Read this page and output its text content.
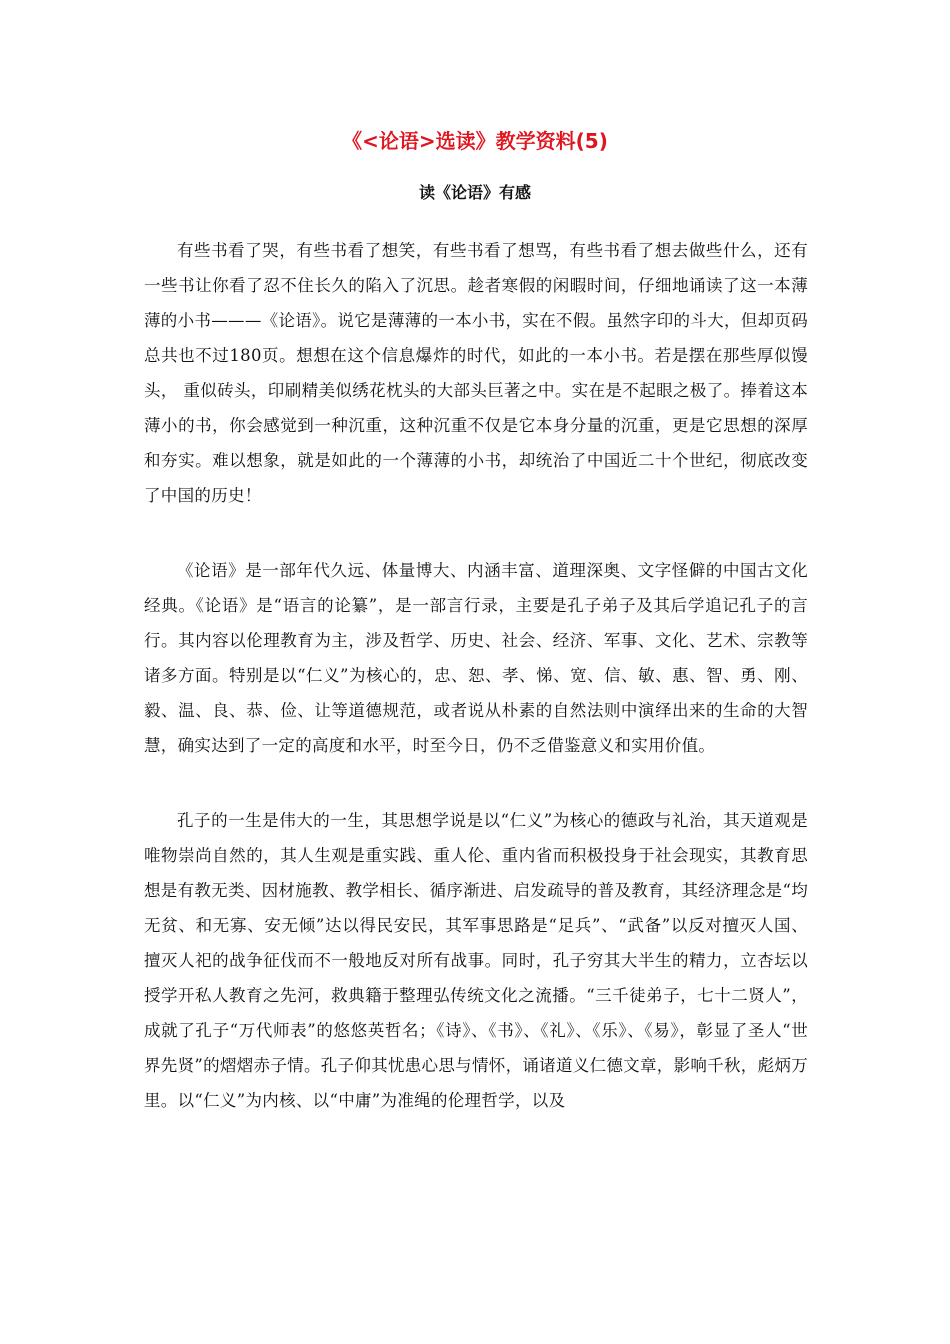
《<论语>选读》教学资料(5)
读《论语》有感

有些书看了哭，有些书看了想笑，有些书看了想骂，有些书看了想去做些什么，还有一些书让你看了忍不住长久的陷入了沉思。趁者寒假的闲暇时间，仔细地诵读了这一本薄薄的小书———《论语》。说它是薄薄的一本小书，实在不假。虽然字印的斗大，但却页码总共也不过180页。想想在这个信息爆炸的时代，如此的一本小书。若是摆在那些厚似馒头， 重似砖头，印刷精美似绣花枕头的大部头巨著之中。实在是不起眼之极了。捧着这本薄小的书，你会感觉到一种沉重，这种沉重不仅是它本身分量的沉重，更是它思想的深厚和夯实。难以想象，就是如此的一个薄薄的小书，却统治了中国近二十个世纪，彻底改变了中国的历史！

《论语》是一部年代久远、体量博大、内涵丰富、道理深奥、文字怪僻的中国古文化经典。《论语》是“语言的论纂”，是一部言行录，主要是孔子弟子及其后学追记孔子的言行。其内容以伦理教育为主，涉及哲学、历史、社会、经济、军事、文化、艺术、宗教等诸多方面。特别是以“仁义”为核心的，忠、恕、孝、悌、宽、信、敏、惠、智、勇、刚、毅、温、良、恭、俭、让等道德规范，或者说从朴素的自然法则中演绎出来的生命的大智慧，确实达到了一定的高度和水平，时至今日，仍不乏借鉴意义和实用价值。

孔子的一生是伟大的一生，其思想学说是以“仁义”为核心的德政与礼治，其天道观是唯物崇尚自然的，其人生观是重实践、重人伦、重内省而积极投身于社会现实，其教育思想是有教无类、因材施教、教学相长、循序渐进、启发疏导的普及教育，其经济理念是“均无贫、和无寡、安无倾”达以得民安民，其军事思路是“足兵”、“武备”以反对擅灭人国、擅灭人祀的战争征伐而不一般地反对所有战事。同时，孔子穷其大半生的精力，立杏坛以授学开私人教育之先河，救典籍于整理弘传统文化之流播。“三千徒弟子，七十二贤人”，成就了孔子“万代师表”的悠悠英哲名；《诗》、《书》、《礼》、《乐》、《易》，彰显了圣人“世界先贤”的熠熠赤子情。孔子仰其忧患心思与情怀，诵诸道义仁德文章，影响千秋，彪炳万里。以“仁义”为内核、以“中庸”为准绳的伦理哲学，以及
